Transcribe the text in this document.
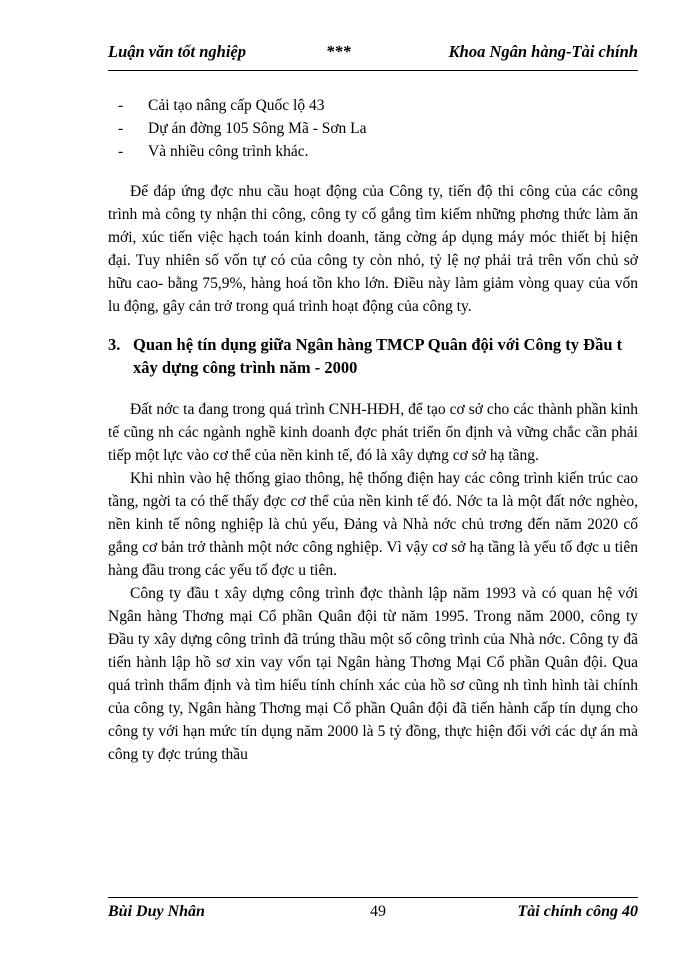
Luận văn tốt nghiệp	***	Khoa Ngân hàng-Tài chính
- Cải tạo nâng cấp Quốc lộ 43
- Dự án đờng 105 Sông Mã - Sơn La
- Và nhiều công trình khác.

Để đáp ứng đợc nhu cầu hoạt động của Công ty, tiến độ thi công của các công trình mà công ty nhận thi công, công ty cố gắng tìm kiếm những phơng thức làm ăn mới, xúc tiến việc hạch toán kinh doanh, tăng cờng áp dụng máy móc thiết bị hiện đại. Tuy nhiên số vốn tự có của công ty còn nhỏ, tỷ lệ nợ phải trả trên vốn chủ sở hữu cao- bằng 75,9%, hàng hoá tồn kho lớn. Điều này làm giảm vòng quay của vốn lu động, gây cản trở trong quá trình hoạt động của công ty.

3. Quan hệ tín dụng giữa Ngân hàng TMCP Quân đội với Công ty Đầu t xây dựng công trình năm - 2000

Đất nớc ta đang trong quá trình CNH-HĐH, để tạo cơ sở cho các thành phần kinh tế cũng nh các ngành nghề kinh doanh đợc phát triển ổn định và vững chắc cần phải tiếp một lực vào cơ thể của nền kinh tế, đó là xây dựng cơ sở hạ tầng.

Khi nhìn vào hệ thống giao thông, hệ thống điện hay các công trình kiến trúc cao tầng, ngời ta có thể thấy đợc cơ thể của nền kinh tế đó. Nớc ta là một đất nớc nghèo, nền kinh tế nông nghiệp là chủ yếu, Đảng và Nhà nớc chủ trơng đến năm 2020 cố gắng cơ bản trở thành một nớc công nghiệp. Vì vậy cơ sở hạ tầng là yếu tố đợc u tiên hàng đầu trong các yếu tố đợc u tiên.

Công ty đầu t xây dựng công trình đợc thành lập năm 1993 và có quan hệ với Ngân hàng Thơng mại Cổ phần Quân đội từ năm 1995. Trong năm 2000, công ty Đầu ty xây dựng công trình đã trúng thầu một số công trình của Nhà nớc. Công ty đã tiến hành lập hồ sơ xin vay vốn tại Ngân hàng Thơng Mại Cổ phần Quân đội. Qua quá trình thẩm định và tìm hiểu tính chính xác của hồ sơ cũng nh tình hình tài chính của công ty, Ngân hàng Thơng mại Cổ phần Quân đội đã tiến hành cấp tín dụng cho công ty với hạn mức tín dụng năm 2000 là 5 tỷ đồng, thực hiện đối với các dự án mà công ty đợc trúng thầu

Bùi Duy Nhân	49	Tài chính công 40
